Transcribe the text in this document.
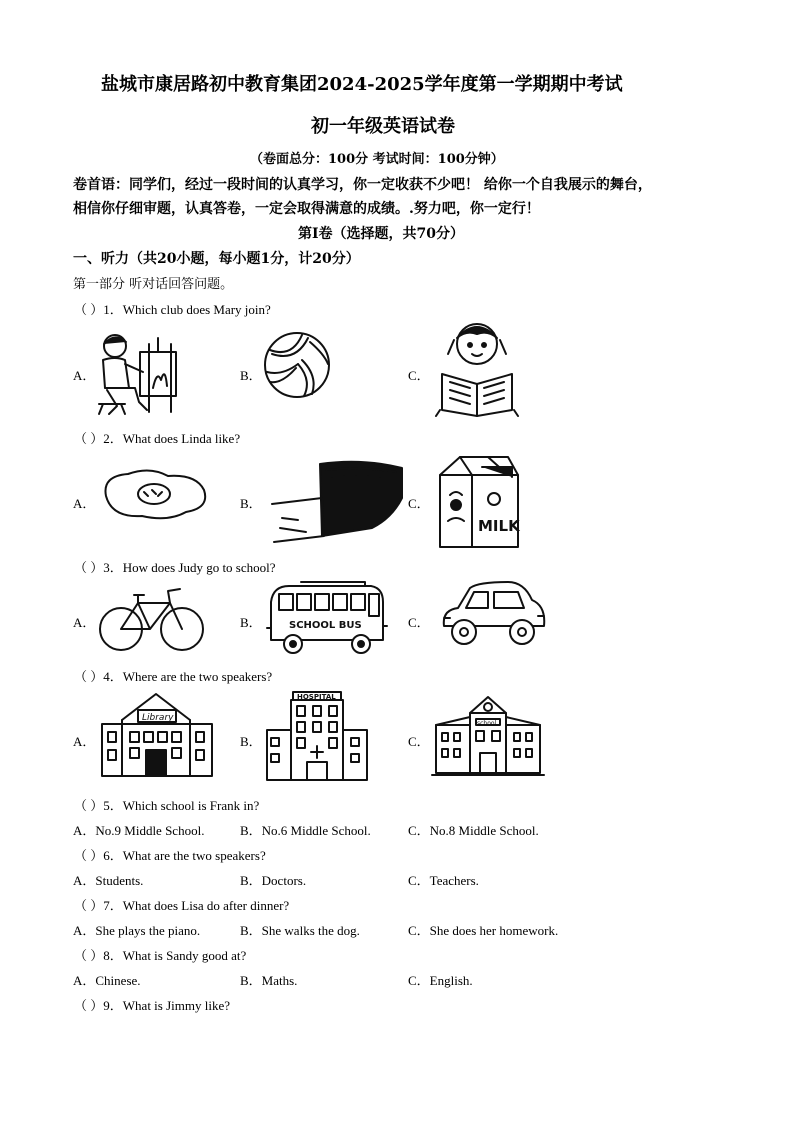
盐城市康居路初中教育集团2024-2025学年度第一学期期中考试
初一年级英语试卷
（卷面总分：100分 考试时间：100分钟）
卷首语：同学们，经过一段时间的认真学习，你一定收获不少吧！ 给你一个自我展示的舞台，
相信你仔细审题，认真答卷，一定会取得满意的成绩。.努力吧，你一定行！
第Ⅰ卷（选择题，共70分）
一、听力（共20小题，每小题1分，计20分）
第一部分 听对话回答问题。
（ ）1．Which club does Mary join?
A．	B．	C．
（ ）2．What does Linda like?
A．	B．	C．
MILK
（ ）3．How does Judy go to school?
A．	B．	C．
SCHOOL BUS
（ ）4．Where are the two speakers?
A．	B．	C．
Library
HOSPITAL
school
（ ）5．Which school is Frank in?
A．No.9 Middle School.	B．No.6 Middle School.	C．No.8 Middle School.
（ ）6．What are the two speakers?
A．Students.	B．Doctors.	C．Teachers.
（ ）7．What does Lisa do after dinner?
A．She plays the piano.	B．She walks the dog.	C．She does her homework.
（ ）8．What is Sandy good at?
A．Chinese.	B．Maths.	C．English.
（ ）9．What is Jimmy like?
